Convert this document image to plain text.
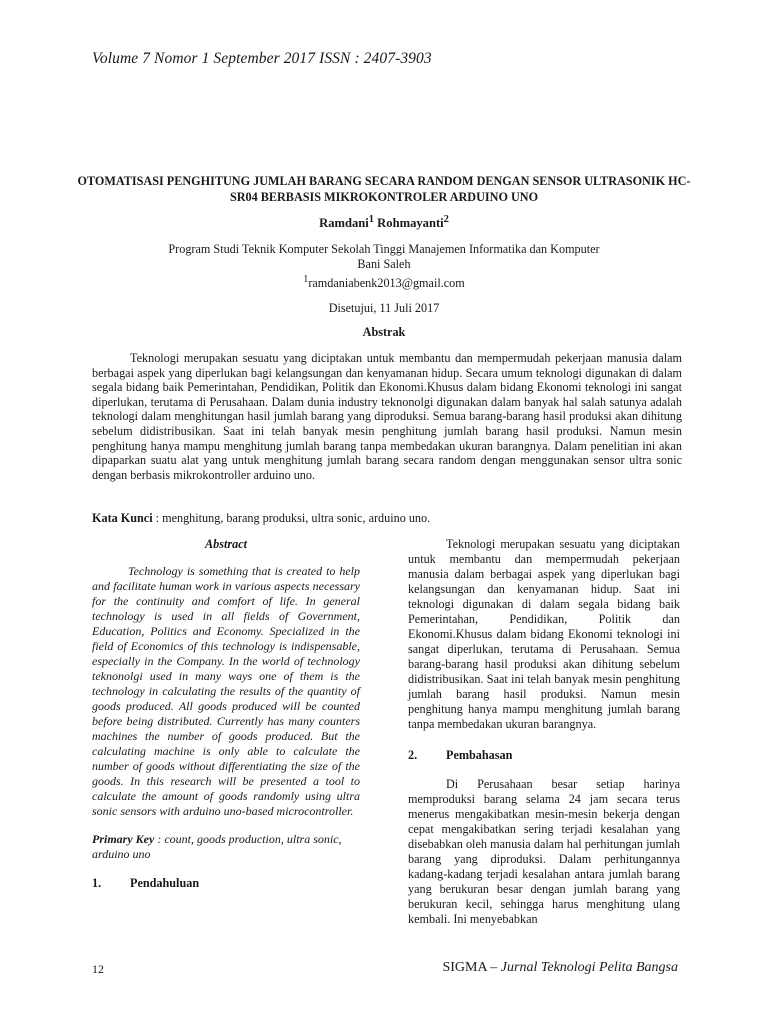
Volume 7 Nomor 1 September 2017 ISSN : 2407-3903
OTOMATISASI PENGHITUNG JUMLAH BARANG SECARA RANDOM DENGAN SENSOR ULTRASONIK HC-SR04 BERBASIS MIKROKONTROLER ARDUINO UNO
Ramdani$^1$ Rohmayanti$^2$
Program Studi Teknik Komputer Sekolah Tinggi Manajemen Informatika dan Komputer
Bani Saleh
$^1$ramdaniabenk2013@gmail.com
Disetujui, 11 Juli 2017
Abstrak

Teknologi merupakan sesuatu yang diciptakan untuk membantu dan mempermudah pekerjaan manusia dalam berbagai aspek yang diperlukan bagi kelangsungan dan kenyamanan hidup. Secara umum teknologi digunakan di dalam segala bidang baik Pemerintahan, Pendidikan, Politik dan Ekonomi.Khusus dalam bidang Ekonomi teknologi ini sangat diperlukan, terutama di Perusahaan. Dalam dunia industry teknonolgi digunakan dalam banyak hal salah satunya adalah teknologi dalam menghitungan hasil jumlah barang yang diproduksi. Semua barang-barang hasil produksi akan dihitung sebelum didistribusikan. Saat ini telah banyak mesin penghitung jumlah barang hasil produksi. Namun mesin penghitung hanya mampu menghitung jumlah barang tanpa membedakan ukuran barangnya. Dalam penelitian ini akan dipaparkan suatu alat yang untuk menghitung jumlah barang secara random dengan menggunakan sensor ultra sonic dengan berbasis mikrokontroller arduino uno.

Kata Kunci : menghitung, barang produksi, ultra sonic, arduino uno.

Abstract

Technology is something that is created to help and facilitate human work in various aspects necessary for the continuity and comfort of life. In general technology is used in all fields of Government, Education, Politics and Economy. Specialized in the field of Economics of this technology is indispensable, especially in the Company. In the world of technology teknonolgi used in many ways one of them is the technology in calculating the results of the quantity of goods produced. All goods produced will be counted before being distributed. Currently has many counters machines the number of goods produced. But the calculating machine is only able to calculate the number of goods without differentiating the size of the goods. In this research will be presented a tool to calculate the amount of goods randomly using ultra sonic sensors with arduino uno-based microcontroller.

Primary Key : count, goods production, ultra sonic, arduino uno

1. Pendahuluan

Teknologi merupakan sesuatu yang diciptakan untuk membantu dan mempermudah pekerjaan manusia dalam berbagai aspek yang diperlukan bagi kelangsungan dan kenyamanan hidup. Saat ini teknologi digunakan di dalam segala bidang baik Pemerintahan, Pendidikan, Politik dan Ekonomi.Khusus dalam bidang Ekonomi teknologi ini sangat diperlukan, terutama di Perusahaan. Semua barang-barang hasil produksi akan dihitung sebelum didistribusikan. Saat ini telah banyak mesin penghitung jumlah barang hasil produksi. Namun mesin penghitung hanya mampu menghitung jumlah barang tanpa membedakan ukuran barangnya.

2. Pembahasan

Di Perusahaan besar setiap harinya memproduksi barang selama 24 jam secara terus menerus mengakibatkan mesin-mesin bekerja dengan cepat mengakibatkan sering terjadi kesalahan yang disebabkan oleh manusia dalam hal perhitungan jumlah barang yang diproduksi. Dalam perhitungannya kadang-kadang terjadi kesalahan antara jumlah barang yang berukuran besar dengan jumlah barang yang berukuran kecil, sehingga harus menghitung ulang kembali. Ini menyebabkan

12	SIGMA – Jurnal Teknologi Pelita Bangsa
